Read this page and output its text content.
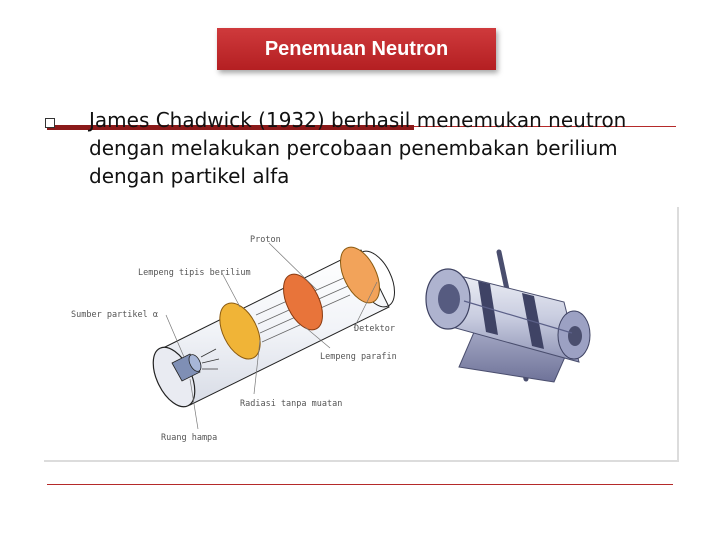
Penemuan Neutron
James Chadwick (1932) berhasil menemukan neutron dengan melakukan percobaan penembakan berilium dengan partikel alfa
Proton
Lempeng tipis berilium
Sumber partikel α
Detektor
Lempeng parafin
Radiasi tanpa muatan
Ruang hampa
